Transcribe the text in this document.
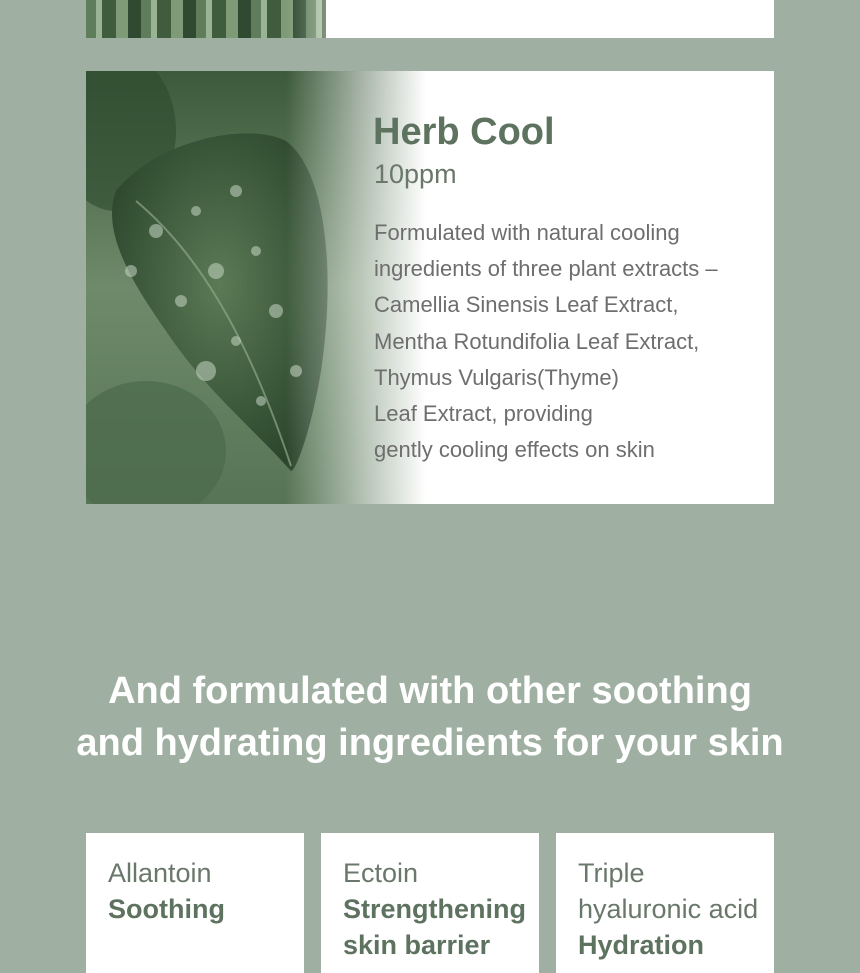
Herb Cool
10ppm
Formulated with natural cooling
ingredients of three plant extracts –
Camellia Sinensis Leaf Extract,
Mentha Rotundifolia Leaf Extract,
Thymus Vulgaris(Thyme)
Leaf Extract, providing
gently cooling effects on skin
And formulated with other soothing
and hydrating ingredients for your skin
Allantoin
Soothing
Ectoin
Strengthening skin barrier
Triple hyaluronic acid
Hydration
